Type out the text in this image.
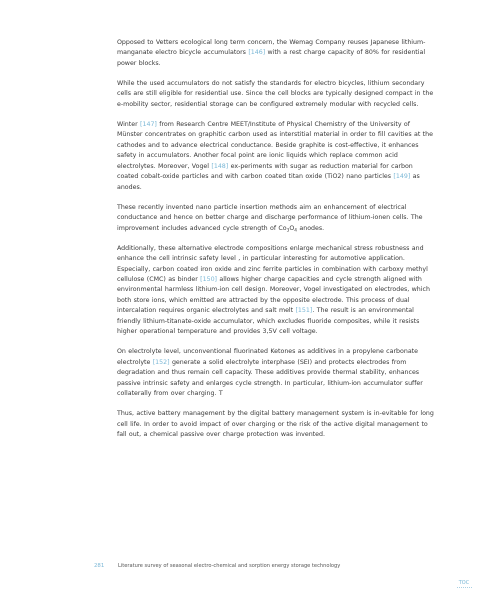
Opposed to Vetters ecological long term concern, the Wemag Company reuses Japanese lithium-manganate electro bicycle accumulators [146] with a rest charge capacity of 80% for residential power blocks.

While the used accumulators do not satisfy the standards for electro bicycles, lithium secondary cells are still eligible for residential use. Since the cell blocks are typically designed compact in the e-mobility sector, residential storage can be configured extremely modular with recycled cells.

Winter [147] from Research Centre MEET/Institute of Physical Chemistry of the University of Münster concentrates on graphitic carbon used as interstitial material in order to fill cavities at the cathodes and to advance electrical conductance. Beside graphite is cost-effective, it enhances safety in accumulators. Another focal point are ionic liquids which replace common acid electrolytes. Moreover, Vogel [148] ex-periments with sugar as reduction material for carbon coated cobalt-oxide particles and with carbon coated titan oxide (TiO2) nano particles [149] as anodes.

These recently invented nano particle insertion methods aim an enhancement of electrical conductance and hence on better charge and discharge performance of lithium-ionen cells. The improvement includes advanced cycle strength of $Co_3O_4$ anodes.

Additionally, these alternative electrode compositions enlarge mechanical stress robustness and enhance the cell intrinsic safety level , in particular interesting for automotive application. Especially, carbon coated iron oxide and zinc ferrite particles in combination with carboxy methyl cellulose (CMC) as binder [150] allows higher charge capacities and cycle strength aligned with environmental harmless lithium-ion cell design. Moreover, Vogel investigated on electrodes, which both store ions, which emitted are attracted by the opposite electrode. This process of dual intercalation requires organic electrolytes and salt melt [151]. The result is an environmental friendly lithium-titanate-oxide accumulator, which excludes fluoride composites, while it resists higher operational temperature and provides 3,5V cell voltage.

On electrolyte level, unconventional fluorinated Ketones as additives in a propylene carbonate electrolyte [152] generate a solid electrolyte interphase (SEI) and protects electrodes from degradation and thus remain cell capacity. These additives provide thermal stability, enhances passive intrinsic safety and enlarges cycle strength. In particular, lithium-ion accumulator suffer collaterally from over charging. T

Thus, active battery management by the digital battery management system is in-evitable for long cell life. In order to avoid impact of over charging or the risk of the active digital management to fall out, a chemical passive over charge protection was invented.

281	Literature survey of seasonal electro-chemical and sorption energy storage technology
TOC
